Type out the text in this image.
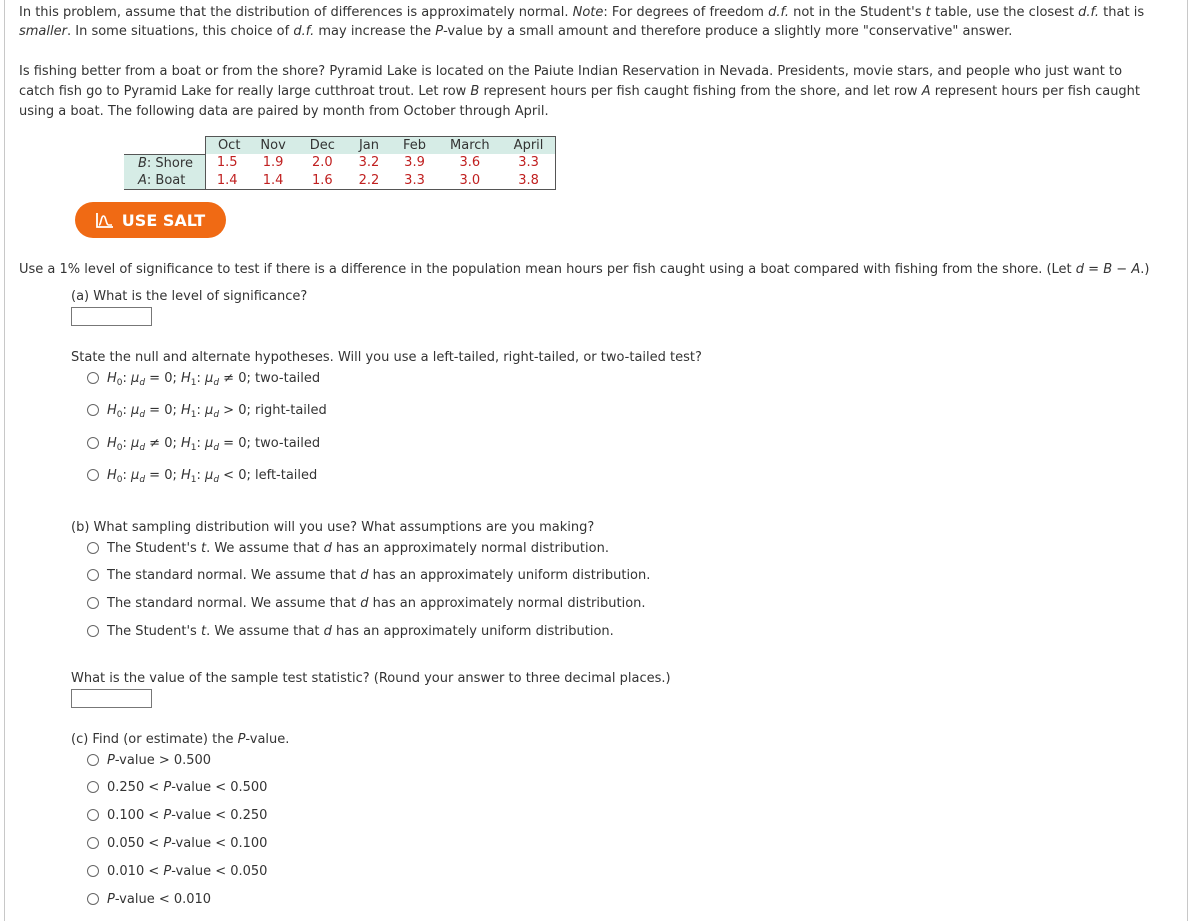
In this problem, assume that the distribution of differences is approximately normal. Note: For degrees of freedom d.f. not in the Student's t table, use the closest d.f. that is
smaller. In some situations, this choice of d.f. may increase the P-value by a small amount and therefore produce a slightly more "conservative" answer.
Is fishing better from a boat or from the shore? Pyramid Lake is located on the Paiute Indian Reservation in Nevada. Presidents, movie stars, and people who just want to
catch fish go to Pyramid Lake for really large cutthroat trout. Let row B represent hours per fish caught fishing from the shore, and let row A represent hours per fish caught
using a boat. The following data are paired by month from October through April.
	Oct	Nov	Dec	Jan	Feb	March	April
B: Shore	1.5	1.9	2.0	3.2	3.9	3.6	3.3
A: Boat	1.4	1.4	1.6	2.2	3.3	3.0	3.8
USE SALT
Use a 1% level of significance to test if there is a difference in the population mean hours per fish caught using a boat compared with fishing from the shore. (Let d = B − A.)
(a) What is the level of significance?
State the null and alternate hypotheses. Will you use a left-tailed, right-tailed, or two-tailed test?
$H_0$: $\mu_d = 0$; $H_1$: $\mu_d \ne 0$; two-tailed
$H_0$: $\mu_d = 0$; $H_1$: $\mu_d > 0$; right-tailed
$H_0$: $\mu_d \ne 0$; $H_1$: $\mu_d = 0$; two-tailed
$H_0$: $\mu_d = 0$; $H_1$: $\mu_d < 0$; left-tailed
(b) What sampling distribution will you use? What assumptions are you making?
The Student's t. We assume that d has an approximately normal distribution.
The standard normal. We assume that d has an approximately uniform distribution.
The standard normal. We assume that d has an approximately normal distribution.
The Student's t. We assume that d has an approximately uniform distribution.
What is the value of the sample test statistic? (Round your answer to three decimal places.)
(c) Find (or estimate) the P-value.
P-value > 0.500
0.250 < P-value < 0.500
0.100 < P-value < 0.250
0.050 < P-value < 0.100
0.010 < P-value < 0.050
P-value < 0.010
